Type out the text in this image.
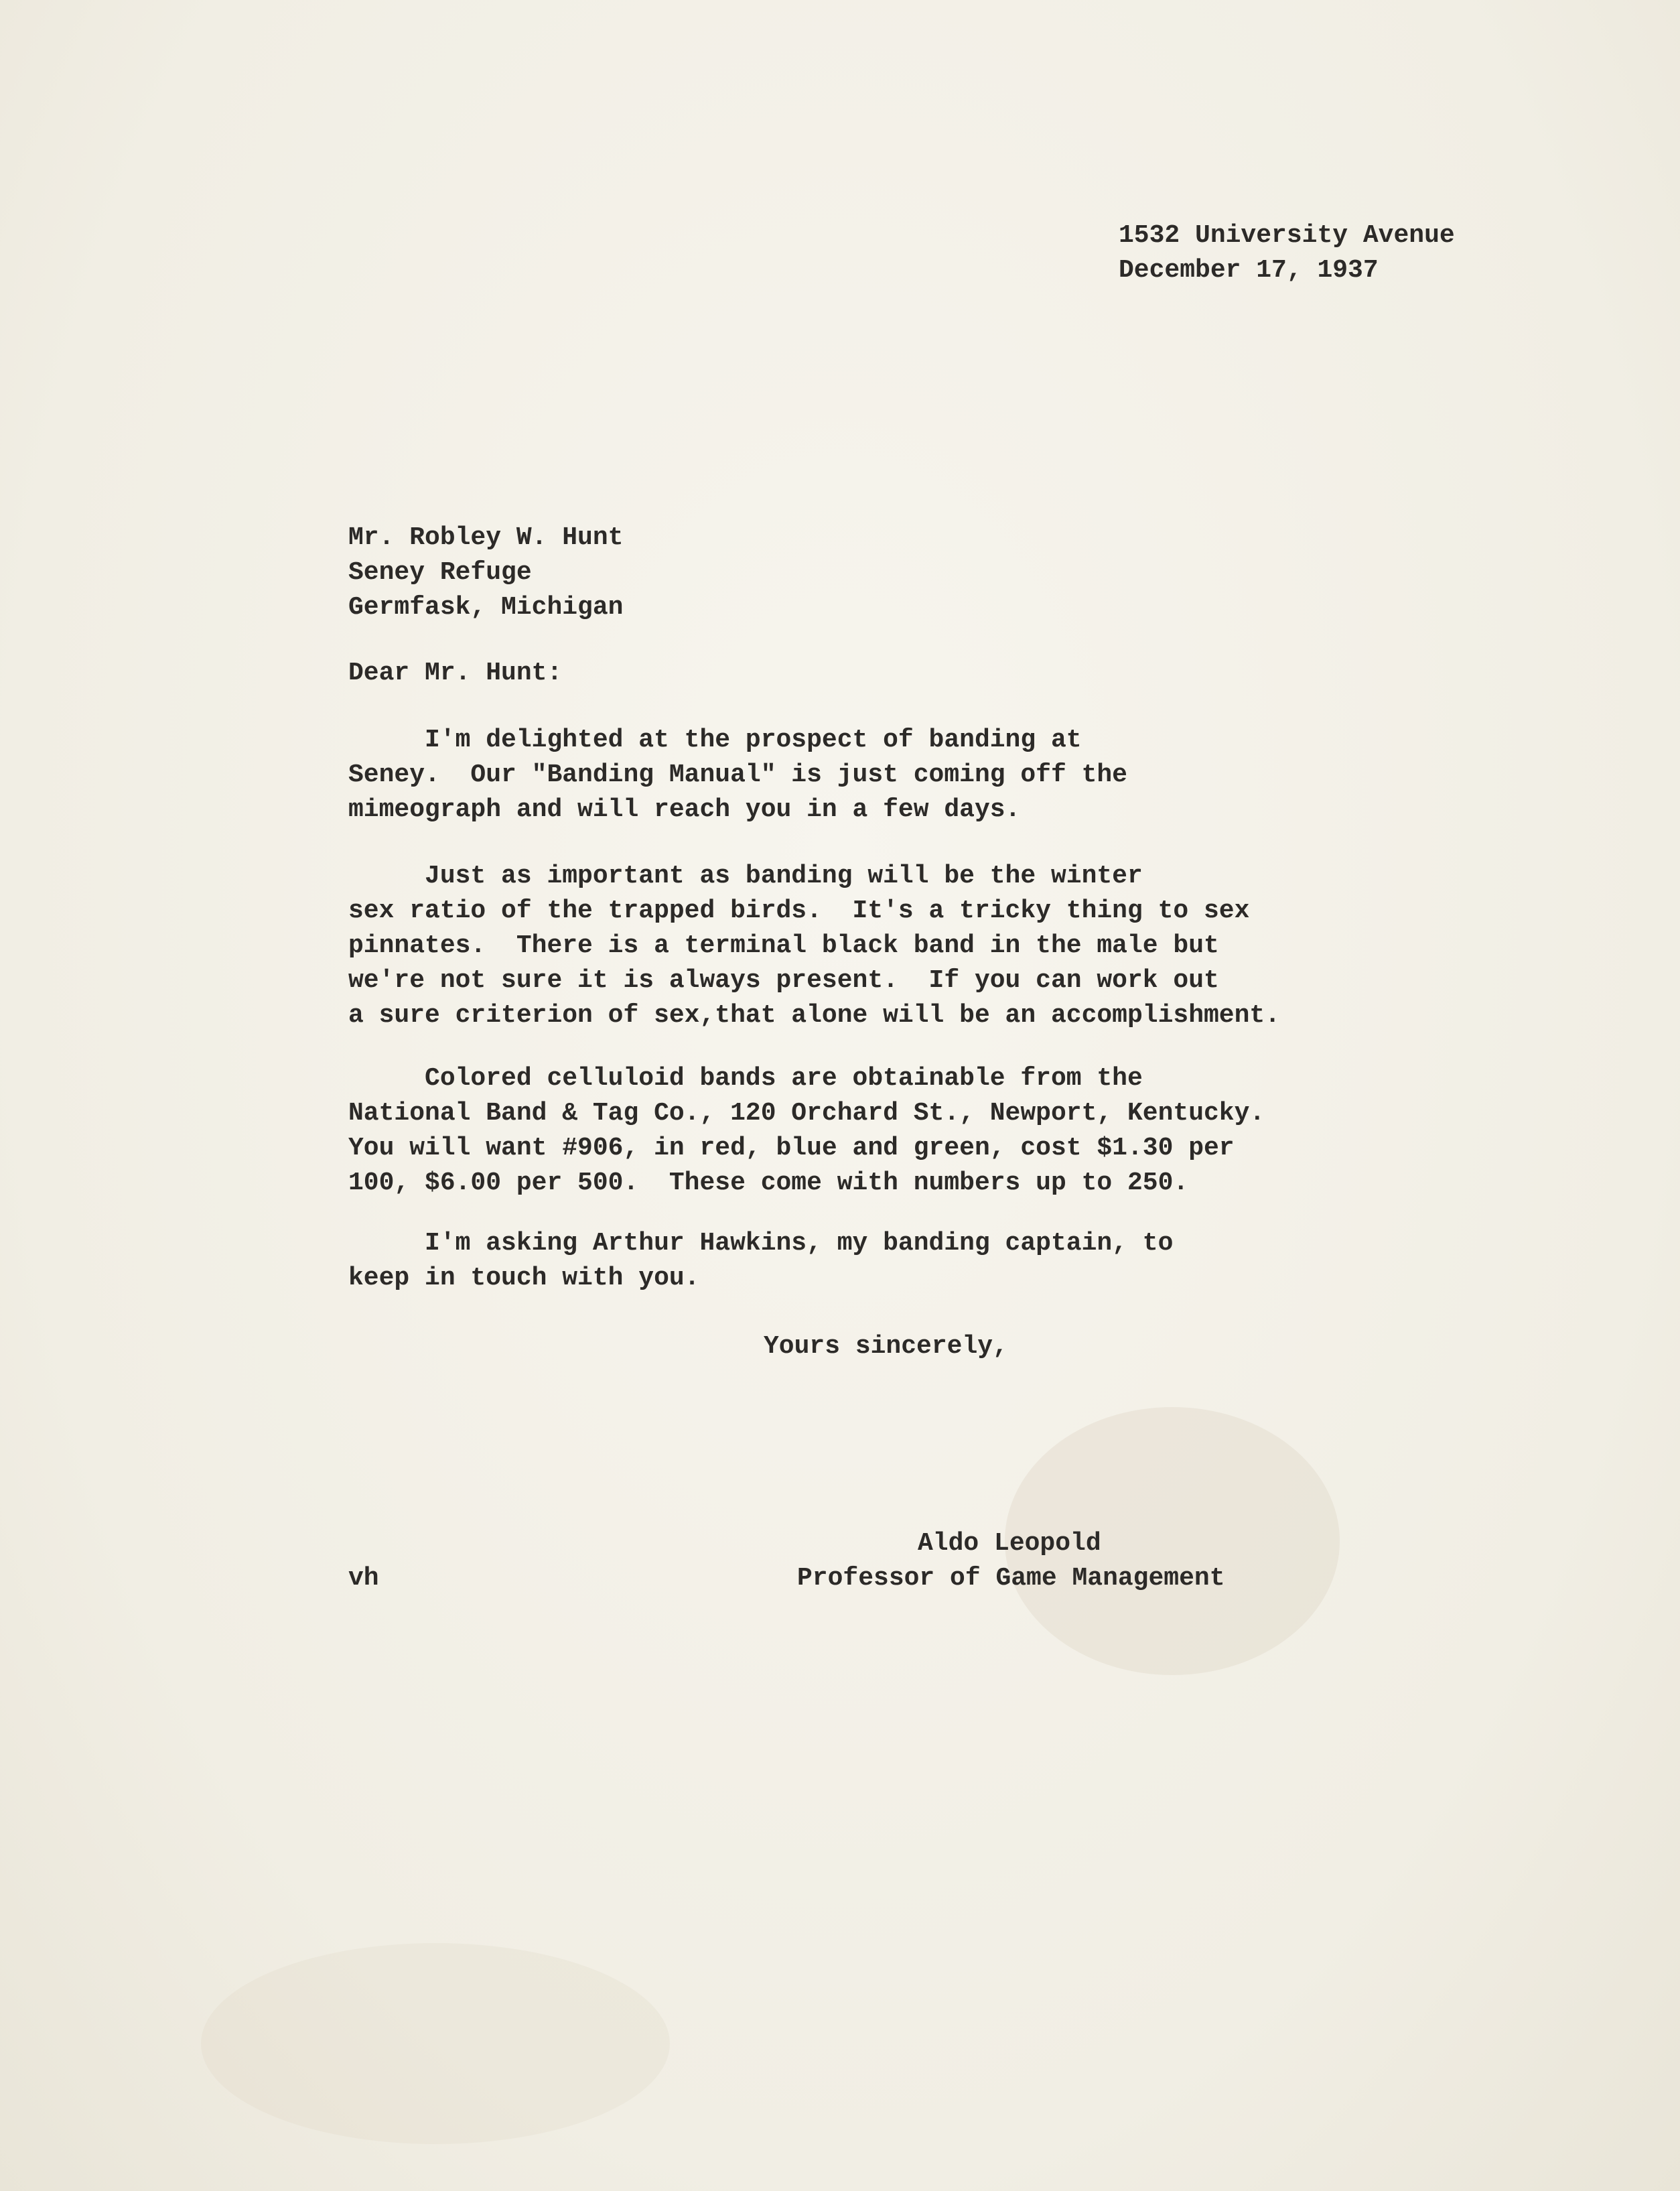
1532 University Avenue
December 17, 1937
Mr. Robley W. Hunt
Seney Refuge
Germfask, Michigan
Dear Mr. Hunt:
I'm delighted at the prospect of banding at
Seney.  Our "Banding Manual" is just coming off the
mimeograph and will reach you in a few days.
Just as important as banding will be the winter
sex ratio of the trapped birds.  It's a tricky thing to sex
pinnates.  There is a terminal black band in the male but
we're not sure it is always present.  If you can work out
a sure criterion of sex,that alone will be an accomplishment.
Colored celluloid bands are obtainable from the
National Band & Tag Co., 120 Orchard St., Newport, Kentucky.
You will want #906, in red, blue and green, cost $1.30 per
100, $6.00 per 500.  These come with numbers up to 250.
I'm asking Arthur Hawkins, my banding captain, to
keep in touch with you.
Yours sincerely,
Aldo Leopold
Professor of Game Management
vh
